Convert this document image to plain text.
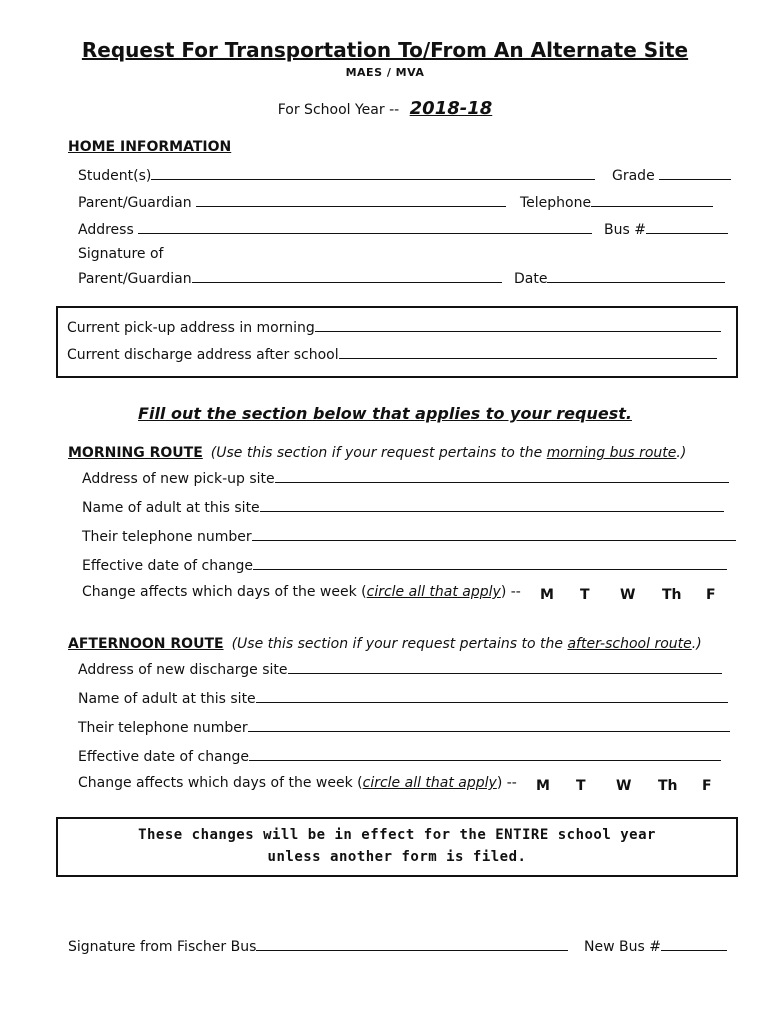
Request For Transportation To/From An Alternate Site
MAES / MVA
For School Year -- 2018-18
HOME INFORMATION
Student(s)	Grade
Parent/Guardian	Telephone
Address	Bus #
Signature of
Parent/Guardian	Date
Current pick-up address in morning
Current discharge address after school
Fill out the section below that applies to your request.
MORNING ROUTE (Use this section if your request pertains to the morning bus route.)
Address of new pick-up site
Name of adult at this site
Their telephone number
Effective date of change
Change affects which days of the week (circle all that apply) -- M T W Th F
AFTERNOON ROUTE (Use this section if your request pertains to the after-school route.)
Address of new discharge site
Name of adult at this site
Their telephone number
Effective date of change
Change affects which days of the week (circle all that apply) -- M T W Th F
These changes will be in effect for the ENTIRE school year
unless another form is filed.
Signature from Fischer Bus	New Bus #
